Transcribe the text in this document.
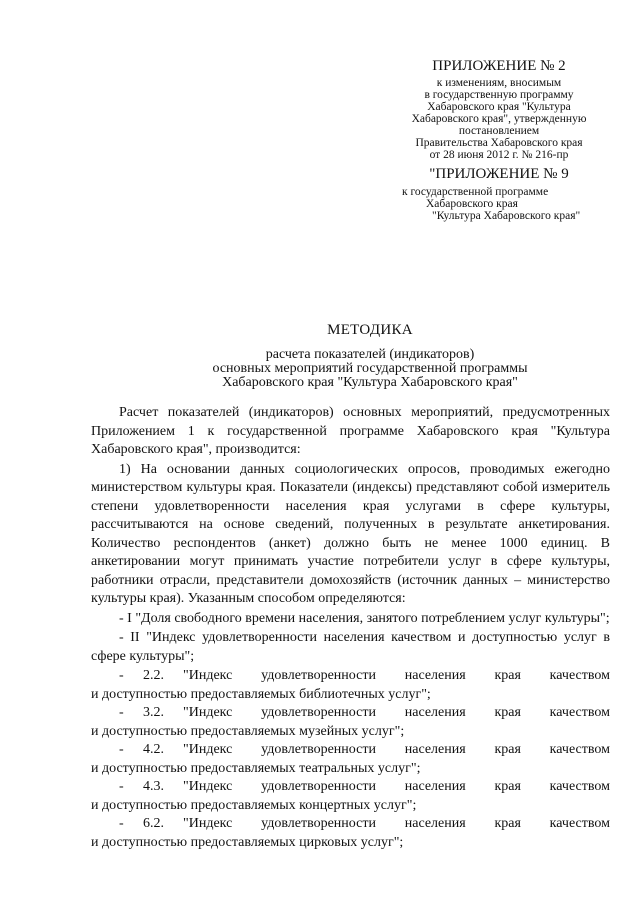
ПРИЛОЖЕНИЕ № 2
к изменениям, вносимым
в государственную программу
Хабаровского края "Культура
Хабаровского края", утвержденную
постановлением
Правительства Хабаровского края
от 28 июня 2012 г. № 216-пр
"ПРИЛОЖЕНИЕ № 9
к государственной программе
Хабаровского края
"Культура Хабаровского края"
МЕТОДИКА
расчета показателей (индикаторов)
основных мероприятий государственной программы
Хабаровского края "Культура Хабаровского края"

Расчет показателей (индикаторов) основных мероприятий, предусмотренных Приложением 1 к государственной программе Хабаровского края "Культура Хабаровского края", производится:

1) На основании данных социологических опросов, проводимых ежегодно министерством культуры края. Показатели (индексы) представляют собой измеритель степени удовлетворенности населения края услугами в сфере культуры, рассчитываются на основе сведений, полученных в результате анкетирования. Количество респондентов (анкет) должно быть не менее 1000 единиц. В анкетировании могут принимать участие потребители услуг в сфере культуры, работники отрасли, представители домохозяйств (источник данных – министерство культуры края). Указанным способом определяются:

- I "Доля свободного времени населения, занятого потреблением услуг культуры";

- II "Индекс удовлетворенности населения качеством и доступностью услуг в сфере культуры";

-	2.2.	"Индекс удовлетворенности населения края качеством
и доступностью предоставляемых библиотечных услуг";
-	3.2.	"Индекс удовлетворенности населения края качеством
и доступностью предоставляемых музейных услуг";
-	4.2.	"Индекс удовлетворенности населения края качеством
и доступностью предоставляемых театральных услуг";
-	4.3.	"Индекс удовлетворенности населения края качеством
и доступностью предоставляемых концертных услуг";
-	6.2.	"Индекс удовлетворенности населения края качеством
и доступностью предоставляемых цирковых услуг";
